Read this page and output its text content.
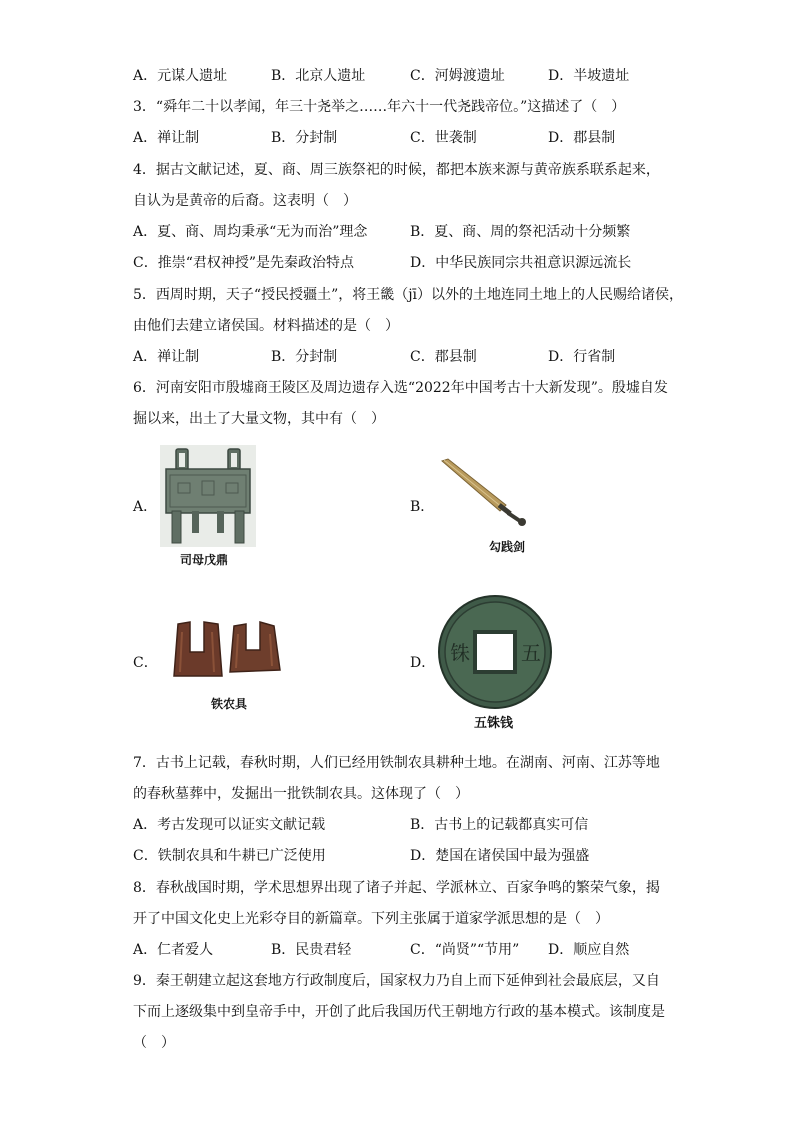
A．元谋人遗址	B．北京人遗址	C．河姆渡遗址	D．半坡遗址
3．“舜年二十以孝闻，年三十尧举之……年六十一代尧践帝位。”这描述了（　）
A．禅让制	B．分封制	C．世袭制	D．郡县制
4．据古文献记述，夏、商、周三族祭祀的时候，都把本族来源与黄帝族系联系起来，
自认为是黄帝的后裔。这表明（　）
A．夏、商、周均秉承“无为而治”理念	B．夏、商、周的祭祀活动十分频繁
C．推崇“君权神授”是先秦政治特点	D．中华民族同宗共祖意识源远流长
5．西周时期，天子“授民授疆土”，将王畿（jī）以外的土地连同土地上的人民赐给诸侯，
由他们去建立诸侯国。材料描述的是（　）
A．禅让制	B．分封制	C．郡县制	D．行省制
6．河南安阳市殷墟商王陵区及周边遗存入选“2022年中国考古十大新发现”。殷墟自发
掘以来，出土了大量文物，其中有（　）
A．
司母戊鼎
B．
勾践剑
C．
铁农具
D． 铢	五
五铢钱
7．古书上记载，春秋时期，人们已经用铁制农具耕种土地。在湖南、河南、江苏等地
的春秋墓葬中，发掘出一批铁制农具。这体现了（　）
A．考古发现可以证实文献记载	B．古书上的记载都真实可信
C．铁制农具和牛耕已广泛使用	D．楚国在诸侯国中最为强盛
8．春秋战国时期，学术思想界出现了诸子并起、学派林立、百家争鸣的繁荣气象，揭
开了中国文化史上光彩夺目的新篇章。下列主张属于道家学派思想的是（　）
A．仁者爱人	B．民贵君轻	C．“尚贤”“节用” D．顺应自然
9．秦王朝建立起这套地方行政制度后，国家权力乃自上而下延伸到社会最底层，又自
下而上逐级集中到皇帝手中，开创了此后我国历代王朝地方行政的基本模式。该制度是
（　）
